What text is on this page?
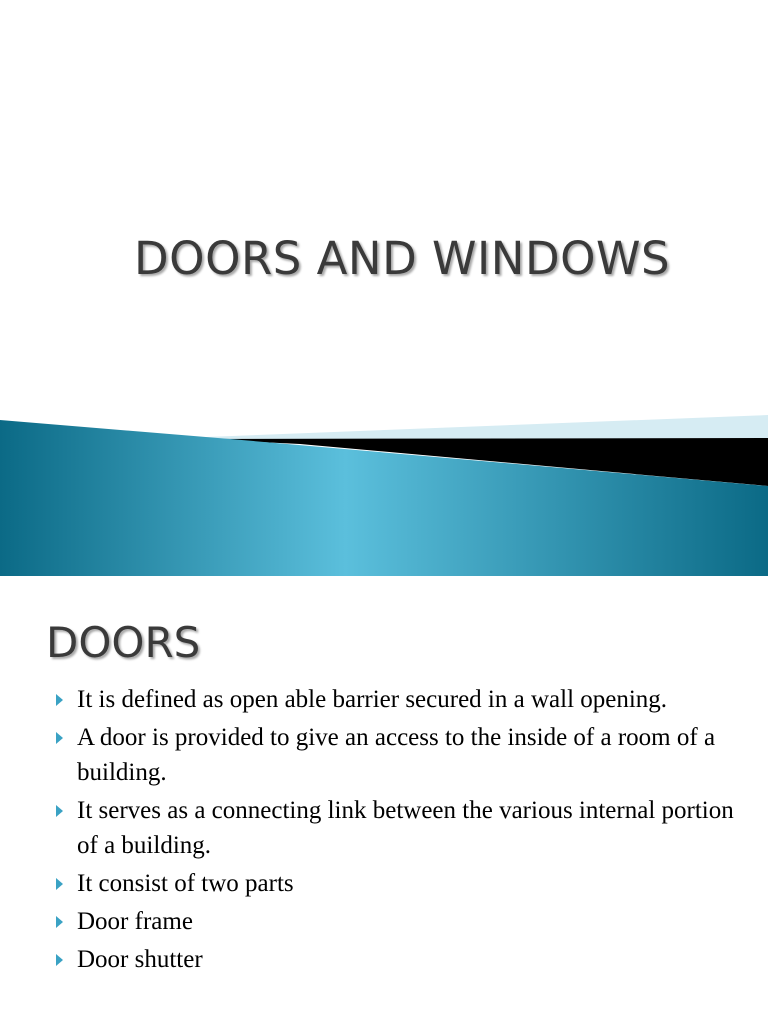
DOORS AND WINDOWS
DOORS
It is defined as open able barrier secured in a wall opening.
A door is provided to give an access to the inside of a room of a building.
It serves as a connecting link between the various internal portion of a building.
It consist of two parts
Door frame
Door shutter
